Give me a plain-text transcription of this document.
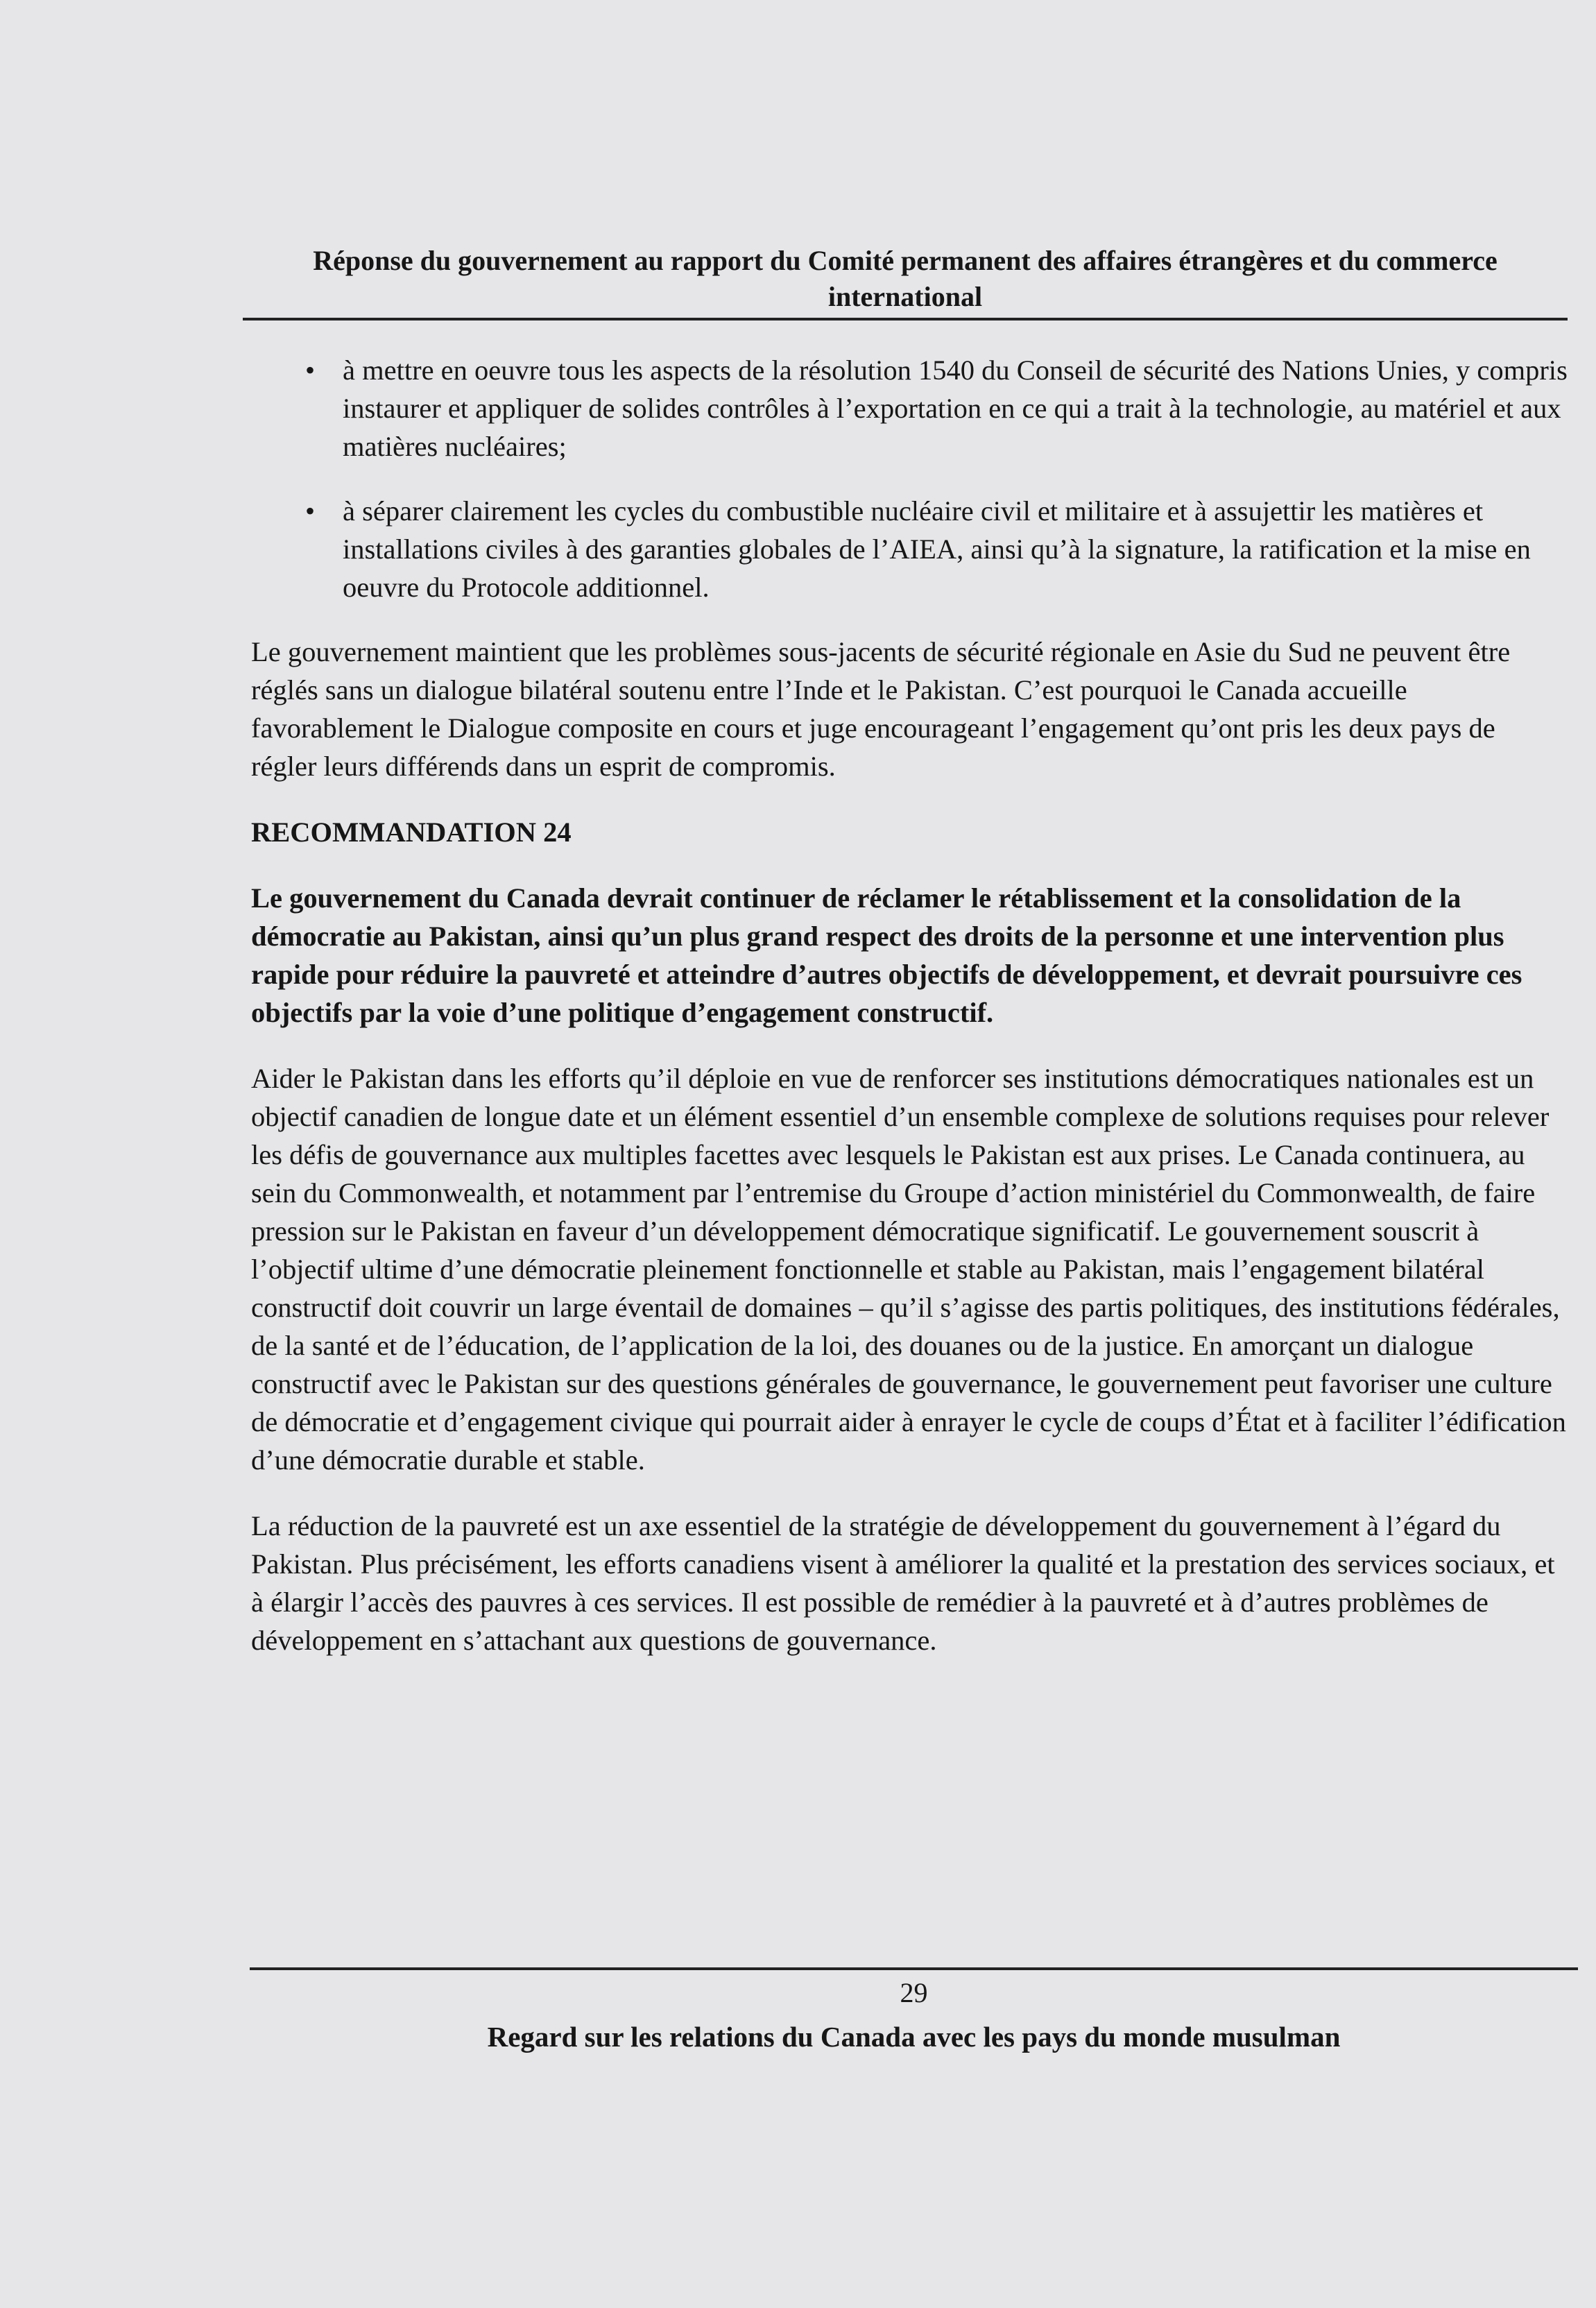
Réponse du gouvernement au rapport du Comité permanent des affaires étrangères et du commerce international
• à mettre en oeuvre tous les aspects de la résolution 1540 du Conseil de sécurité des Nations Unies, y compris instaurer et appliquer de solides contrôles à l’exportation en ce qui a trait à la technologie, au matériel et aux matières nucléaires;
• à séparer clairement les cycles du combustible nucléaire civil et militaire et à assujettir les matières et installations civiles à des garanties globales de l’AIEA, ainsi qu’à la signature, la ratification et la mise en oeuvre du Protocole additionnel.

Le gouvernement maintient que les problèmes sous-jacents de sécurité régionale en Asie du Sud ne peuvent être réglés sans un dialogue bilatéral soutenu entre l’Inde et le Pakistan. C’est pourquoi le Canada accueille favorablement le Dialogue composite en cours et juge encourageant l’engagement qu’ont pris les deux pays de régler leurs différends dans un esprit de compromis.

RECOMMANDATION 24

Le gouvernement du Canada devrait continuer de réclamer le rétablissement et la consolidation de la démocratie au Pakistan, ainsi qu’un plus grand respect des droits de la personne et une intervention plus rapide pour réduire la pauvreté et atteindre d’autres objectifs de développement, et devrait poursuivre ces objectifs par la voie d’une politique d’engagement constructif.

Aider le Pakistan dans les efforts qu’il déploie en vue de renforcer ses institutions démocratiques nationales est un objectif canadien de longue date et un élément essentiel d’un ensemble complexe de solutions requises pour relever les défis de gouvernance aux multiples facettes avec lesquels le Pakistan est aux prises. Le Canada continuera, au sein du Commonwealth, et notamment par l’entremise du Groupe d’action ministériel du Commonwealth, de faire pression sur le Pakistan en faveur d’un développement démocratique significatif. Le gouvernement souscrit à l’objectif ultime d’une démocratie pleinement fonctionnelle et stable au Pakistan, mais l’engagement bilatéral constructif doit couvrir un large éventail de domaines – qu’il s’agisse des partis politiques, des institutions fédérales, de la santé et de l’éducation, de l’application de la loi, des douanes ou de la justice. En amorçant un dialogue constructif avec le Pakistan sur des questions générales de gouvernance, le gouvernement peut favoriser une culture de démocratie et d’engagement civique qui pourrait aider à enrayer le cycle de coups d’État et à faciliter l’édification d’une démocratie durable et stable.

La réduction de la pauvreté est un axe essentiel de la stratégie de développement du gouvernement à l’égard du Pakistan. Plus précisément, les efforts canadiens visent à améliorer la qualité et la prestation des services sociaux, et à élargir l’accès des pauvres à ces services. Il est possible de remédier à la pauvreté et à d’autres problèmes de développement en s’attachant aux questions de gouvernance.

29
Regard sur les relations du Canada avec les pays du monde musulman
